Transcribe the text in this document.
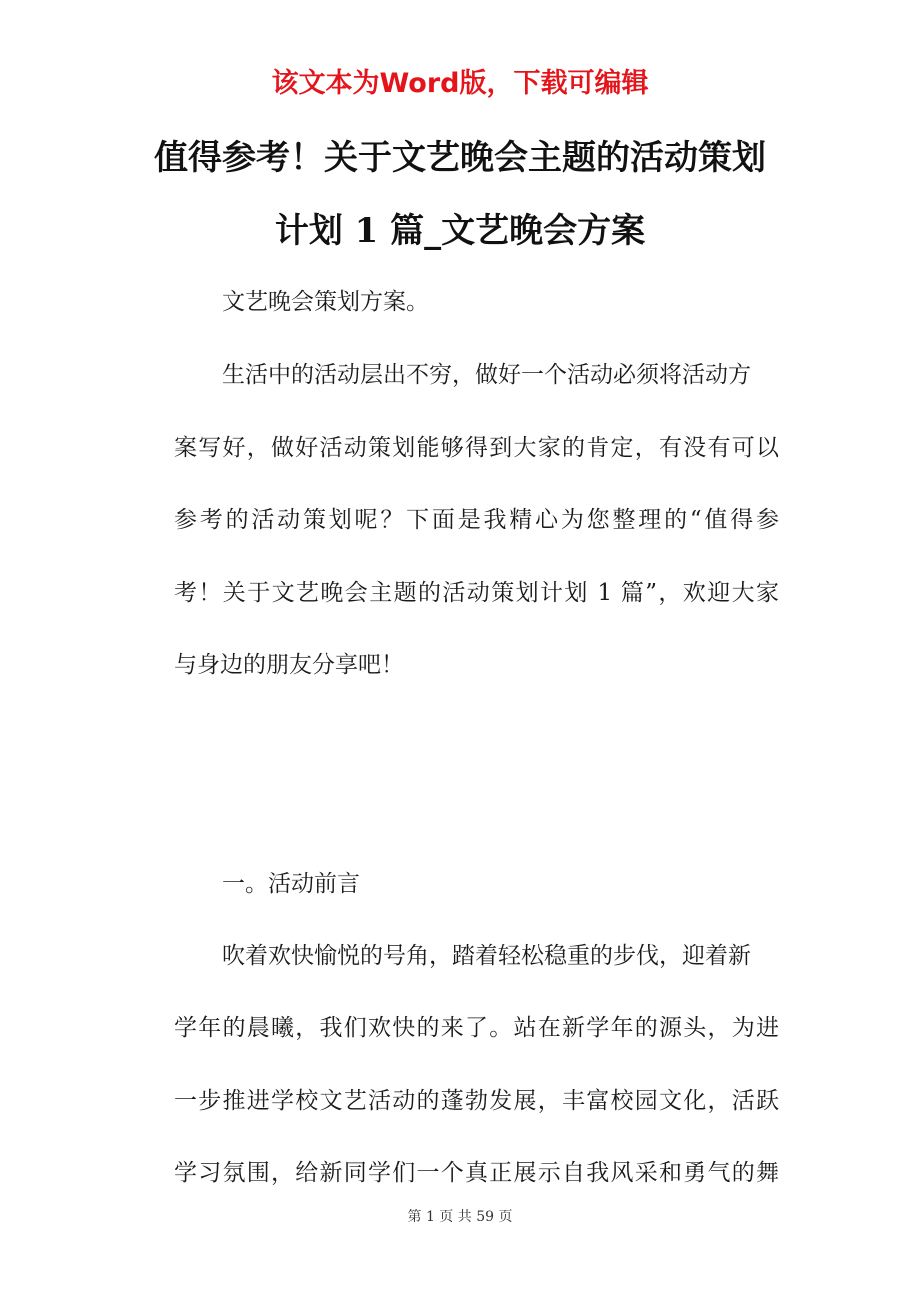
该文本为Word版，下载可编辑

值得参考！关于文艺晚会主题的活动策划
计划 1 篇_文艺晚会方案

文艺晚会策划方案。

生活中的活动层出不穷，做好一个活动必须将活动方

案写好，做好活动策划能够得到大家的肯定，有没有可以

参考的活动策划呢？下面是我精心为您整理的“值得参

考！关于文艺晚会主题的活动策划计划 1 篇”，欢迎大家

与身边的朋友分享吧！

一。活动前言

吹着欢快愉悦的号角，踏着轻松稳重的步伐，迎着新

学年的晨曦，我们欢快的来了。站在新学年的源头，为进

一步推进学校文艺活动的蓬勃发展，丰富校园文化，活跃

学习氛围，给新同学们一个真正展示自我风采和勇气的舞

第 1 页 共 59 页
